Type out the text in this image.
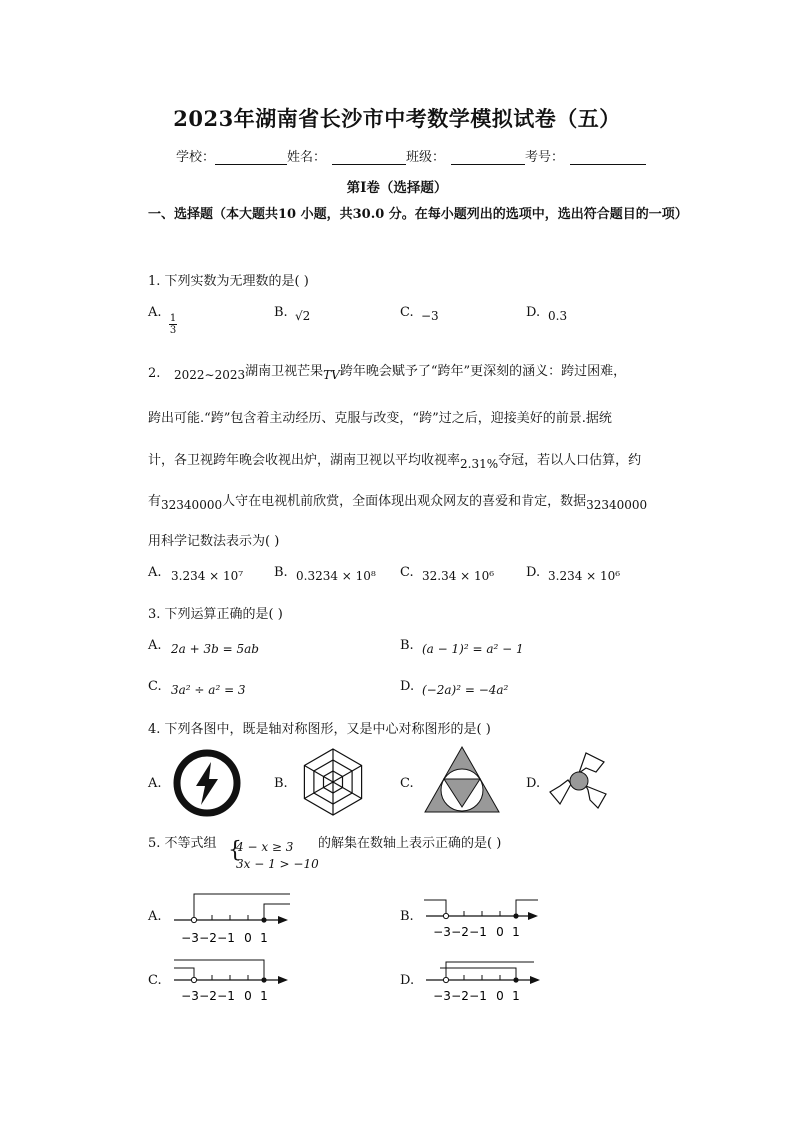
2023年湖南省长沙市中考数学模拟试卷（五）
学校：	姓名：	班级：	考号：
第Ⅰ卷（选择题）
一、选择题（本大题共10 小题，共30.0 分。在每小题列出的选项中，选出符合题目的一项）
1. 下列实数为无理数的是( )
A. 1
3
B. √2	C. −3	D. 0.3
2. 2022∼2023湖南卫视芒果TV跨年晚会赋予了“跨年”更深刻的涵义：跨过困难，
跨出可能.“跨”包含着主动经历、克服与改变，“跨”过之后，迎接美好的前景.据统
计，各卫视跨年晚会收视出炉，湖南卫视以平均收视率2.31%夺冠，若以人口估算，约
有32340000人守在电视机前欣赏，全面体现出观众网友的喜爱和肯定，数据32340000
用科学记数法表示为( )
A. 3.234 × 10⁷ B. 0.3234 × 10⁸ C. 32.34 × 10⁶ D. 3.234 × 10⁶
3. 下列运算正确的是( )
A. 2a + 3b = 5ab	B. (a − 1)² = a² − 1
C. 3a² ÷ a² = 3	D. (−2a)² = −4a²
4. 下列各图中，既是轴对称图形，又是中心对称图形的是( )
A.	B.	C.	D.
5. 不等式组 {
4 − x ≥ 3
3x − 1 > −10
的解集在数轴上表示正确的是( )
A.
−3 −2 −1 0 1
B.
−3 −2 −1 0 1
C.
−3 −2 −1 0 1
D.
−3 −2 −1 0 1
